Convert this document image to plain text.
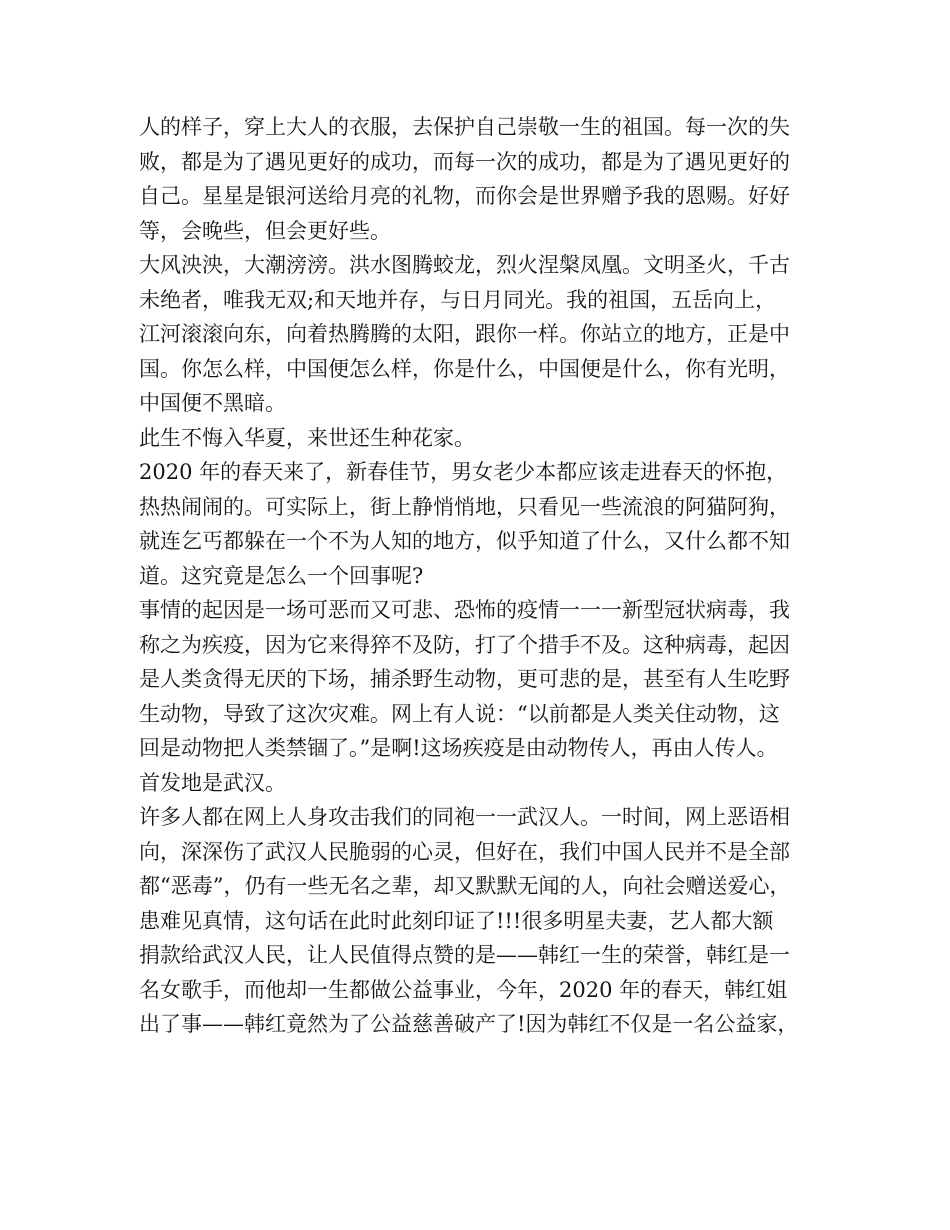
人的样子，穿上大人的衣服，去保护自己崇敬一生的祖国。每一次的失
败，都是为了遇见更好的成功，而每一次的成功，都是为了遇见更好的
自己。星星是银河送给月亮的礼物，而你会是世界赠予我的恩赐。好好
等，会晚些，但会更好些。
大风泱泱，大潮滂滂。洪水图腾蛟龙，烈火涅槃凤凰。文明圣火，千古
未绝者，唯我无双;和天地并存，与日月同光。我的祖国，五岳向上，
江河滚滚向东，向着热腾腾的太阳，跟你一样。你站立的地方，正是中
国。你怎么样，中国便怎么样，你是什么，中国便是什么，你有光明，
中国便不黑暗。
此生不悔入华夏，来世还生种花家。
2020 年的春天来了，新春佳节，男女老少本都应该走进春天的怀抱，
热热闹闹的。可实际上，街上静悄悄地，只看见一些流浪的阿猫阿狗，
就连乞丐都躲在一个不为人知的地方，似乎知道了什么，又什么都不知
道。这究竟是怎么一个回事呢?
事情的起因是一场可恶而又可悲、恐怖的疫情一一一新型冠状病毒，我
称之为疾疫，因为它来得猝不及防，打了个措手不及。这种病毒，起因
是人类贪得无厌的下场，捕杀野生动物，更可悲的是，甚至有人生吃野
生动物，导致了这次灾难。网上有人说：“以前都是人类关住动物，这
回是动物把人类禁锢了。”是啊!这场疾疫是由动物传人，再由人传人。
首发地是武汉。
许多人都在网上人身攻击我们的同袍一一武汉人。一时间，网上恶语相
向，深深伤了武汉人民脆弱的心灵，但好在，我们中国人民并不是全部
都“恶毒”，仍有一些无名之辈，却又默默无闻的人，向社会赠送爱心，
患难见真情，这句话在此时此刻印证了!!!很多明星夫妻，艺人都大额
捐款给武汉人民，让人民值得点赞的是——韩红一生的荣誉，韩红是一
名女歌手，而他却一生都做公益事业，今年，2020 年的春天，韩红姐
出了事——韩红竟然为了公益慈善破产了!因为韩红不仅是一名公益家，
